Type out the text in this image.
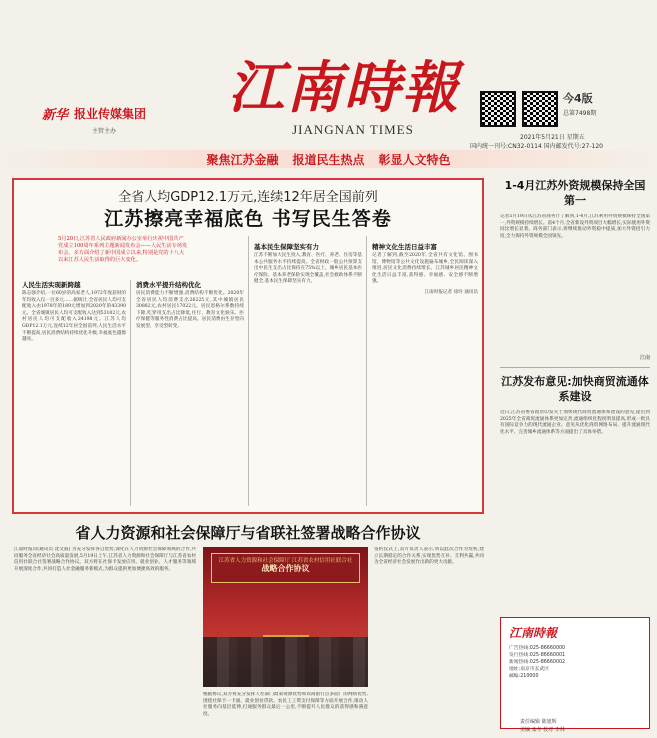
新华 报业传媒集团
主管主办
江南時報
JIANGNAN TIMES
今4版
总第7498期
2021年5月21日 星期五
国内统一刊号:CN32-0114 国内邮发代号:27-120
聚焦江苏金融 报道民生热点 彰显人文特色
全省人均GDP12.1万元,连续12年居全国前列
江苏擦亮幸福底色 书写民生答卷
5月20日,江苏省人民政府新闻办公室举行庆祝中国共产党成立100周年系列主题新闻发布会——人民生活专场发布会。多方面介绍了新中国成立以来,特别是党的十八大以来江苏人民生活取得的巨大变化。
人民生活实现新跨越
陈志强介绍,一位60岁的高家老人,1972年收获时的年均收入仅一百多元……据统计,全省居民人均可支配收入由1978年的189元增加到2020年的43390元。全省城镇居民人均可支配收入达到53102元,农村居民人均可支配收入24198元。江苏人均GDP12.1万元,连续12年居全国前列,人民生活水平不断提高,居民消费结构持续优化升级,幸福底色越擦越亮。
消费水平提升结构优化
居民消费能力不断增强,消费结构不断优化。2020年全省居民人均消费支出26225元,其中城镇居民30882元,农村居民17022元。居民恩格尔系数持续下降,吃穿用支出占比降低,住行、教育文化娱乐、医疗保健等服务性消费占比提高。居民消费由生存型向发展型、享受型转变。
基本民生保障坚实有力
江苏不断加大民生投入,教育、医疗、养老、住房等基本公共服务水平持续提高。全省财政一般公共预算支出中民生支出占比保持在75%以上。城乡居民基本医疗保险、基本养老保险实现全覆盖,社会救助体系不断健全,基本民生保障坚实有力。
精神文化生活日益丰富
记者了解到,截至2020年,全省共有文化馆、图书馆、博物馆等公共文化设施遍布城乡,全民阅读深入推进,居民文化消费持续增长。江苏城乡居民精神文化生活日益丰富,获得感、幸福感、安全感不断增强。
江南时报记者 徐玲 通讯员
1-4月江苏外资规模保持全国第一
记者5月19日从江苏省商务厅了解到,1-4月,江苏利用外资规模保持全国第一,外资规模持续增长。前4个月,全省新设外资项目大幅增长,实际使用外资同比增长显著。商务部门表示,将继续推动外资稳中提质,加大外资招引力度,全力保持外资规模全国领先。
江南
江苏发布意见:加快商贸流通体系建设
近日,江苏省委省政府印发关于加快现代商贸流通体系建设的意见,提出到2025年全省商贸流通体系更加完善,流通组织化程度明显提高,形成一批具有国际竞争力的现代流通企业。意见从优化商贸网络布局、提升流通现代化水平、完善城乡流通体系等方面提出了具体举措。
省人力资源和社会保障厅与省联社签署战略合作协议
江南时报讯(通讯员 沈文波) 为充分发挥各自优势,深化在人力资源社会保障领域的合作,共同服务全省经济社会高质量发展,5月19日上午,江苏省人力资源和社会保障厅与江苏省农村信用社联合社签署战略合作协议。双方将在社保卡发放应用、就业创业、人才服务等领域开展深度合作,共同打造人社金融服务新模式,为群众提供更加便捷高效的服务。
江苏省人力资源和社会保障厅 江苏省农村信用社联合社
战略合作协议
根据协议,双方将充分发挥人社部门政策资源优势和农商银行点多面广的网络优势,围绕社保卡一卡通、就业创业贷款、农民工工资支付保障等方面开展合作,推动人社服务向基层延伸,打通服务群众最后一公里,不断提升人民群众的获得感和满意度。
签约仪式上,双方负责人表示,将以此次合作为契机,建立长期稳定的合作关系,实现优势互补、互利共赢,共同为全省经济社会发展作出新的更大贡献。
江南時報
广告热线:025-86660000
发行热线:025-86660001
新闻热线:025-86660002
地址:南京市玄武区
邮编:210000
责任编辑 陈旭辉
美编 栾冬 校对 李林
